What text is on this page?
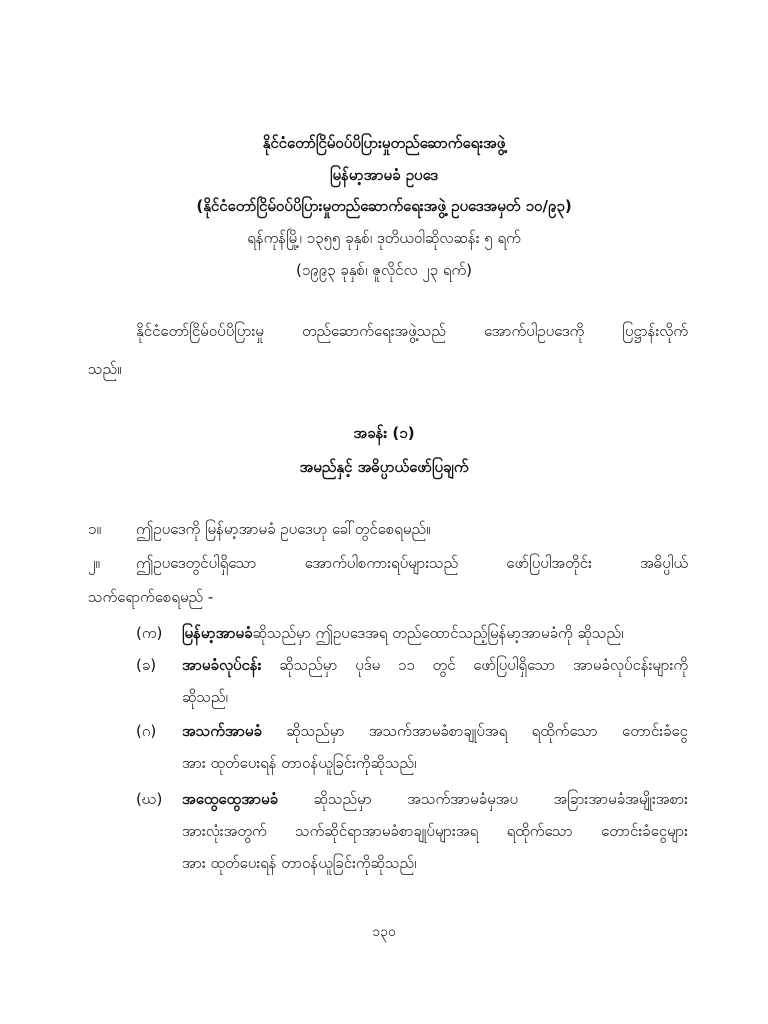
နိုင်ငံတော်ငြိမ်ဝပ်ပိပြားမှုတည်ဆောက်ရေးအဖွဲ့
မြန်မာ့အာမခံ ဥပဒေ
(နိုင်ငံတော်ငြိမ်ဝပ်ပိပြားမှုတည်ဆောက်ရေးအဖွဲ့ ဥပဒေအမှတ် ၁၀/၉၃)
ရန်ကုန်မြို့၊ ၁၃၅၅ ခုနှစ်၊ ဒုတိယဝါဆိုလဆန်း ၅ ရက်
(၁၉၉၃ ခုနှစ်၊ ဇူလိုင်လ ၂၃ ရက်)
နိုင်ငံတော်ငြိမ်ဝပ်ပိပြားမှု တည်ဆောက်ရေးအဖွဲ့သည် အောက်ပါဥပဒေကို ပြဋ္ဌာန်းလိုက်
သည်။
အခန်း (၁)
အမည်နှင့် အဓိပ္ပာယ်ဖော်ပြချက်
၁။ ဤဥပဒေကို မြန်မာ့အာမခံ ဥပဒေဟု ခေါ်တွင်စေရမည်။
၂။ ဤဥပဒေတွင်ပါရှိသော အောက်ပါစကားရပ်များသည် ဖော်ပြပါအတိုင်း အဓိပ္ပါယ်
သက်ရောက်စေရမည် -
(က) မြန်မာ့အာမခံဆိုသည်မှာ ဤဥပဒေအရ တည်ထောင်သည့်မြန်မာ့အာမခံကို ဆိုသည်၊
(ခ) အာမခံလုပ်ငန်း ဆိုသည်မှာ ပုဒ်မ ၁၁ တွင် ဖော်ပြပါရှိသော အာမခံလုပ်ငန်းများကို
ဆိုသည်၊
(ဂ) အသက်အာမခံ ဆိုသည်မှာ အသက်အာမခံစာချုပ်အရ ရထိုက်သော တောင်းခံငွေ
အား ထုတ်ပေးရန် တာဝန်ယူခြင်းကိုဆိုသည်၊
(ဃ) အထွေထွေအာမခံ ဆိုသည်မှာ အသက်အာမခံမှအပ အခြားအာမခံအမျိုးအစား
အားလုံးအတွက် သက်ဆိုင်ရာအာမခံစာချုပ်များအရ ရထိုက်သော တောင်းခံငွေများ
အား ထုတ်ပေးရန် တာဝန်ယူခြင်းကိုဆိုသည်၊
၁၃၀
